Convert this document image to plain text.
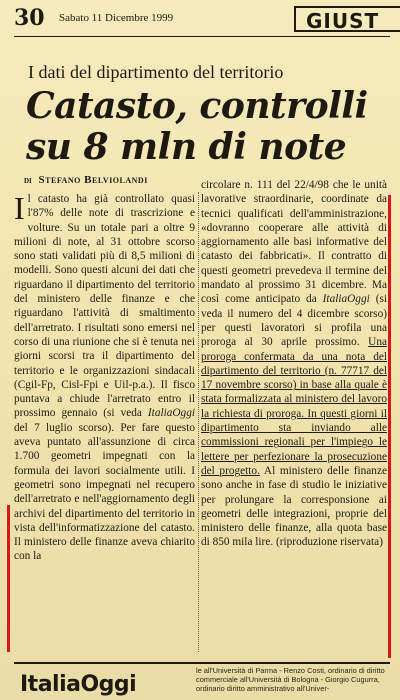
30 Sabato 11 Dicembre 1999	GIUST
I dati del dipartimento del territorio
Catasto, controlli su 8 mln di note
di Stefano Belviolandi

Il catasto ha già controllato quasi l'87% delle note di trascrizione e volture. Su un totale pari a oltre 9 milioni di note, al 31 ottobre scorso sono stati validati più di 8,5 milioni di modelli. Sono questi alcuni dei dati che riguardano il dipartimento del territorio del ministero delle finanze e che riguardano l'attività di smaltimento dell'arretrato. I risultati sono emersi nel corso di una riunione che si è tenuta nei giorni scorsi tra il dipartimento del territorio e le organizzazioni sindacali (Cgil-Fp, Cisl-Fpi e Uil-p.a.). Il fisco puntava a chiude l'arretrato entro il prossimo gennaio (si veda ItaliaOggi del 7 luglio scorso). Per fare questo aveva puntato all'assunzione di circa 1.700 geometri impegnati con la formula dei lavori socialmente utili. I geometri sono impegnati nel recupero dell'arretrato e nell'aggiornamento degli archivi del dipartimento del territorio in vista dell'informatizzazione del catasto. Il ministero delle finanze aveva chiarito con la

circolare n. 111 del 22/4/98 che le unità lavorative straordinarie, coordinate da tecnici qualificati dell'amministrazione, «dovranno cooperare alle attività di aggiornamento alle basi informative del catasto dei fabbricati». Il contratto di questi geometri prevedeva il termine del mandato al prossimo 31 dicembre. Ma così come anticipato da ItaliaOggi (si veda il numero del 4 dicembre scorso) per questi lavoratori si profila una proroga al 30 aprile prossimo. Una proroga confermata da una nota del dipartimento del territorio (n. 77717 del 17 novembre scorso) in base alla quale è stata formalizzata al ministero del lavoro la richiesta di proroga. In questi giorni il dipartimento sta inviando alle commissioni regionali per l'impiego le lettere per perfezionare la prosecuzione del progetto. Al ministero delle finanze sono anche in fase di studio le iniziative per prolungare la corresponsione ai geometri delle integrazioni, proprie del ministero delle finanze, alla quota base di 850 mila lire. (riproduzione riservata)

ItaliaOggi
le all'Università di Parma - Renzo Costi, ordinario di diritto commerciale all'Università di Bologna - Giorgio Cugurra, ordinario diritto amministrativo all'Univer-
